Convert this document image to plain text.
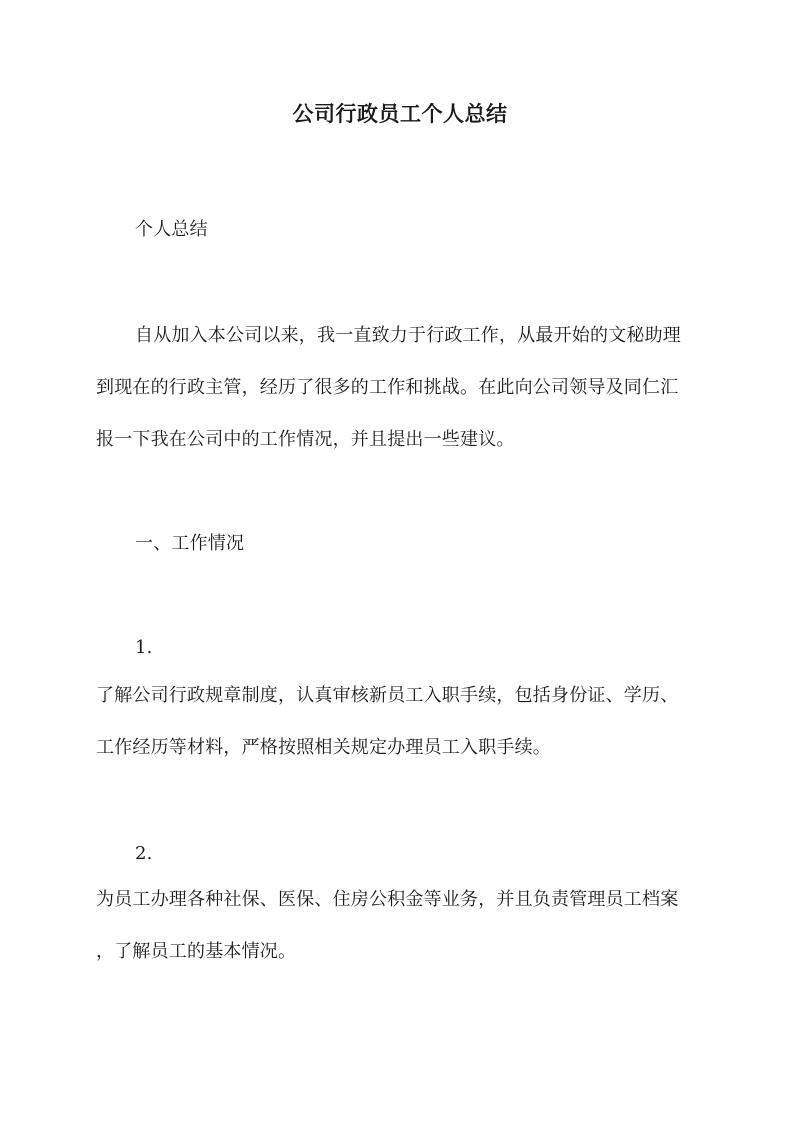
公司行政员工个人总结
个人总结
自从加入本公司以来，我一直致力于行政工作，从最开始的文秘助理
到现在的行政主管，经历了很多的工作和挑战。在此向公司领导及同仁汇
报一下我在公司中的工作情况，并且提出一些建议。
一、工作情况
1.
了解公司行政规章制度，认真审核新员工入职手续，包括身份证、学历、
工作经历等材料，严格按照相关规定办理员工入职手续。
2.
为员工办理各种社保、医保、住房公积金等业务，并且负责管理员工档案
，了解员工的基本情况。
